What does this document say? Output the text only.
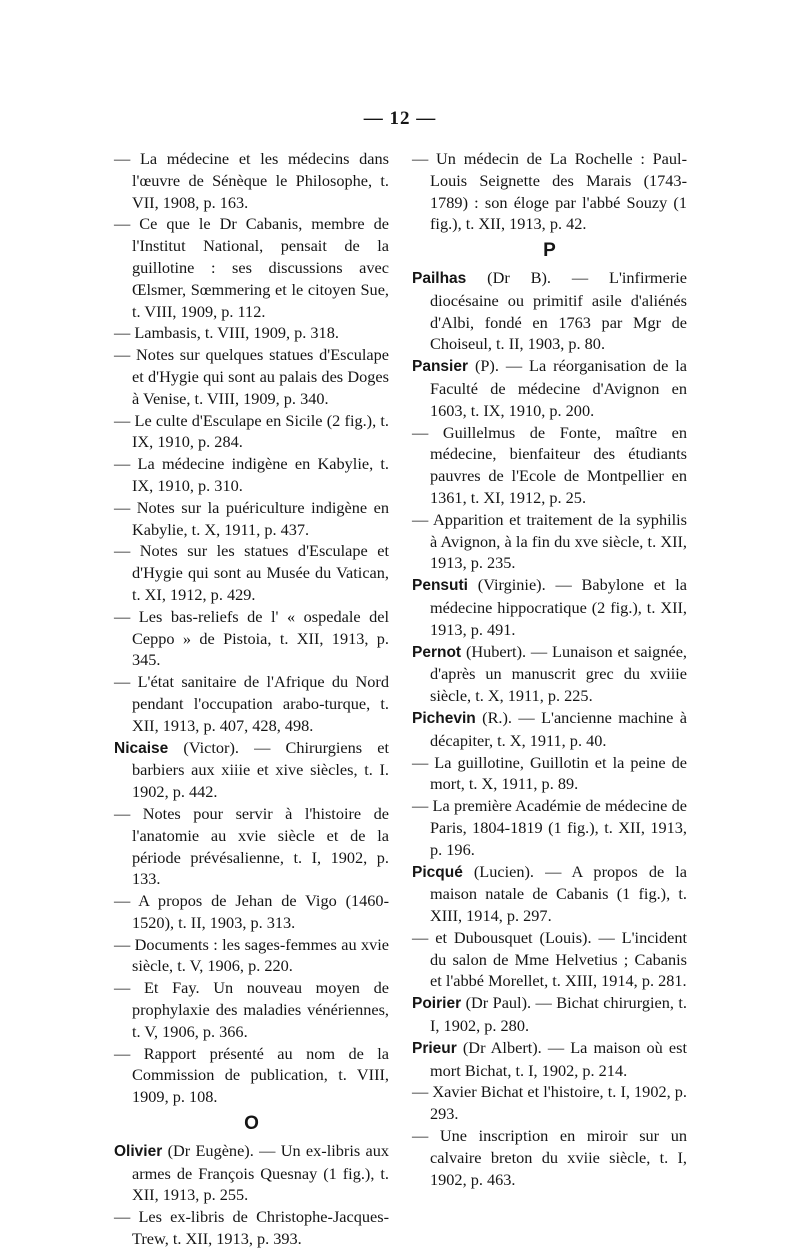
— 12 —

— La médecine et les médecins dans l'œuvre de Sénèque le Philosophe, t. VII, 1908, p. 163.

— Ce que le Dr Cabanis, membre de l'Institut National, pensait de la guillotine : ses discussions avec Œlsmer, Sœmmering et le citoyen Sue, t. VIII, 1909, p. 112.

— Lambasis, t. VIII, 1909, p. 318.

— Notes sur quelques statues d'Esculape et d'Hygie qui sont au palais des Doges à Venise, t. VIII, 1909, p. 340.

— Le culte d'Esculape en Sicile (2 fig.), t. IX, 1910, p. 284.

— La médecine indigène en Kabylie, t. IX, 1910, p. 310.

— Notes sur la puériculture indigène en Kabylie, t. X, 1911, p. 437.

— Notes sur les statues d'Esculape et d'Hygie qui sont au Musée du Vatican, t. XI, 1912, p. 429.

— Les bas-reliefs de l' « ospedale del Ceppo » de Pistoia, t. XII, 1913, p. 345.

— L'état sanitaire de l'Afrique du Nord pendant l'occupation arabo-turque, t. XII, 1913, p. 407, 428, 498.

Nicaise (Victor). — Chirurgiens et barbiers aux xiiie et xive siècles, t. I. 1902, p. 442.

— Notes pour servir à l'histoire de l'anatomie au xvie siècle et de la période prévésalienne, t. I, 1902, p. 133.

— A propos de Jehan de Vigo (1460-1520), t. II, 1903, p. 313.

— Documents : les sages-femmes au xvie siècle, t. V, 1906, p. 220.

— Et Fay. Un nouveau moyen de prophylaxie des maladies vénériennes, t. V, 1906, p. 366.

— Rapport présenté au nom de la Commission de publication, t. VIII, 1909, p. 108.

O

Olivier (Dr Eugène). — Un ex-libris aux armes de François Quesnay (1 fig.), t. XII, 1913, p. 255.

— Les ex-libris de Christophe-Jacques-Trew, t. XII, 1913, p. 393.

— Un médecin de La Rochelle : Paul-Louis Seignette des Marais (1743-1789) : son éloge par l'abbé Souzy (1 fig.), t. XII, 1913, p. 42.

P

Pailhas (Dr B). — L'infirmerie diocésaine ou primitif asile d'aliénés d'Albi, fondé en 1763 par Mgr de Choiseul, t. II, 1903, p. 80.

Pansier (P). — La réorganisation de la Faculté de médecine d'Avignon en 1603, t. IX, 1910, p. 200.

— Guillelmus de Fonte, maître en médecine, bienfaiteur des étudiants pauvres de l'Ecole de Montpellier en 1361, t. XI, 1912, p. 25.

— Apparition et traitement de la syphilis à Avignon, à la fin du xve siècle, t. XII, 1913, p. 235.

Pensuti (Virginie). — Babylone et la médecine hippocratique (2 fig.), t. XII, 1913, p. 491.

Pernot (Hubert). — Lunaison et saignée, d'après un manuscrit grec du xviiie siècle, t. X, 1911, p. 225.

Pichevin (R.). — L'ancienne machine à décapiter, t. X, 1911, p. 40.

— La guillotine, Guillotin et la peine de mort, t. X, 1911, p. 89.

— La première Académie de médecine de Paris, 1804-1819 (1 fig.), t. XII, 1913, p. 196.

Picqué (Lucien). — A propos de la maison natale de Cabanis (1 fig.), t. XIII, 1914, p. 297.

— et Dubousquet (Louis). — L'incident du salon de Mme Helvetius ; Cabanis et l'abbé Morellet, t. XIII, 1914, p. 281.

Poirier (Dr Paul). — Bichat chirurgien, t. I, 1902, p. 280.

Prieur (Dr Albert). — La maison où est mort Bichat, t. I, 1902, p. 214.

— Xavier Bichat et l'histoire, t. I, 1902, p. 293.

— Une inscription en miroir sur un calvaire breton du xviie siècle, t. I, 1902, p. 463.
